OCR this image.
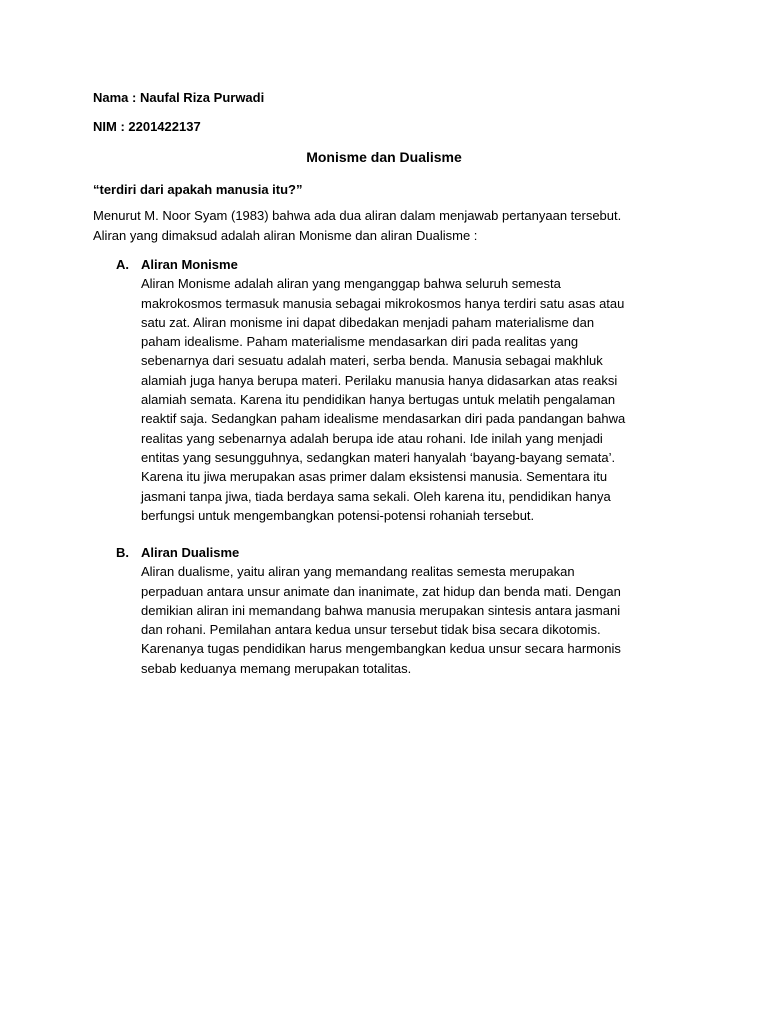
Nama : Naufal Riza Purwadi
NIM : 2201422137
Monisme dan Dualisme
“terdiri dari apakah manusia itu?”
Menurut M. Noor Syam (1983) bahwa ada dua aliran dalam menjawab pertanyaan tersebut.
Aliran yang dimaksud adalah aliran Monisme dan aliran Dualisme :
A. Aliran Monisme
Aliran Monisme adalah aliran yang menganggap bahwa seluruh semesta
makrokosmos termasuk manusia sebagai mikrokosmos hanya terdiri satu asas atau
satu zat. Aliran monisme ini dapat dibedakan menjadi paham materialisme dan
paham idealisme. Paham materialisme mendasarkan diri pada realitas yang
sebenarnya dari sesuatu adalah materi, serba benda. Manusia sebagai makhluk
alamiah juga hanya berupa materi. Perilaku manusia hanya didasarkan atas reaksi
alamiah semata. Karena itu pendidikan hanya bertugas untuk melatih pengalaman
reaktif saja. Sedangkan paham idealisme mendasarkan diri pada pandangan bahwa
realitas yang sebenarnya adalah berupa ide atau rohani. Ide inilah yang menjadi
entitas yang sesungguhnya, sedangkan materi hanyalah ‘bayang-bayang semata’.
Karena itu jiwa merupakan asas primer dalam eksistensi manusia. Sementara itu
jasmani tanpa jiwa, tiada berdaya sama sekali. Oleh karena itu, pendidikan hanya
berfungsi untuk mengembangkan potensi-potensi rohaniah tersebut.
B. Aliran Dualisme
Aliran dualisme, yaitu aliran yang memandang realitas semesta merupakan
perpaduan antara unsur animate dan inanimate, zat hidup dan benda mati. Dengan
demikian aliran ini memandang bahwa manusia merupakan sintesis antara jasmani
dan rohani. Pemilahan antara kedua unsur tersebut tidak bisa secara dikotomis.
Karenanya tugas pendidikan harus mengembangkan kedua unsur secara harmonis
sebab keduanya memang merupakan totalitas.
